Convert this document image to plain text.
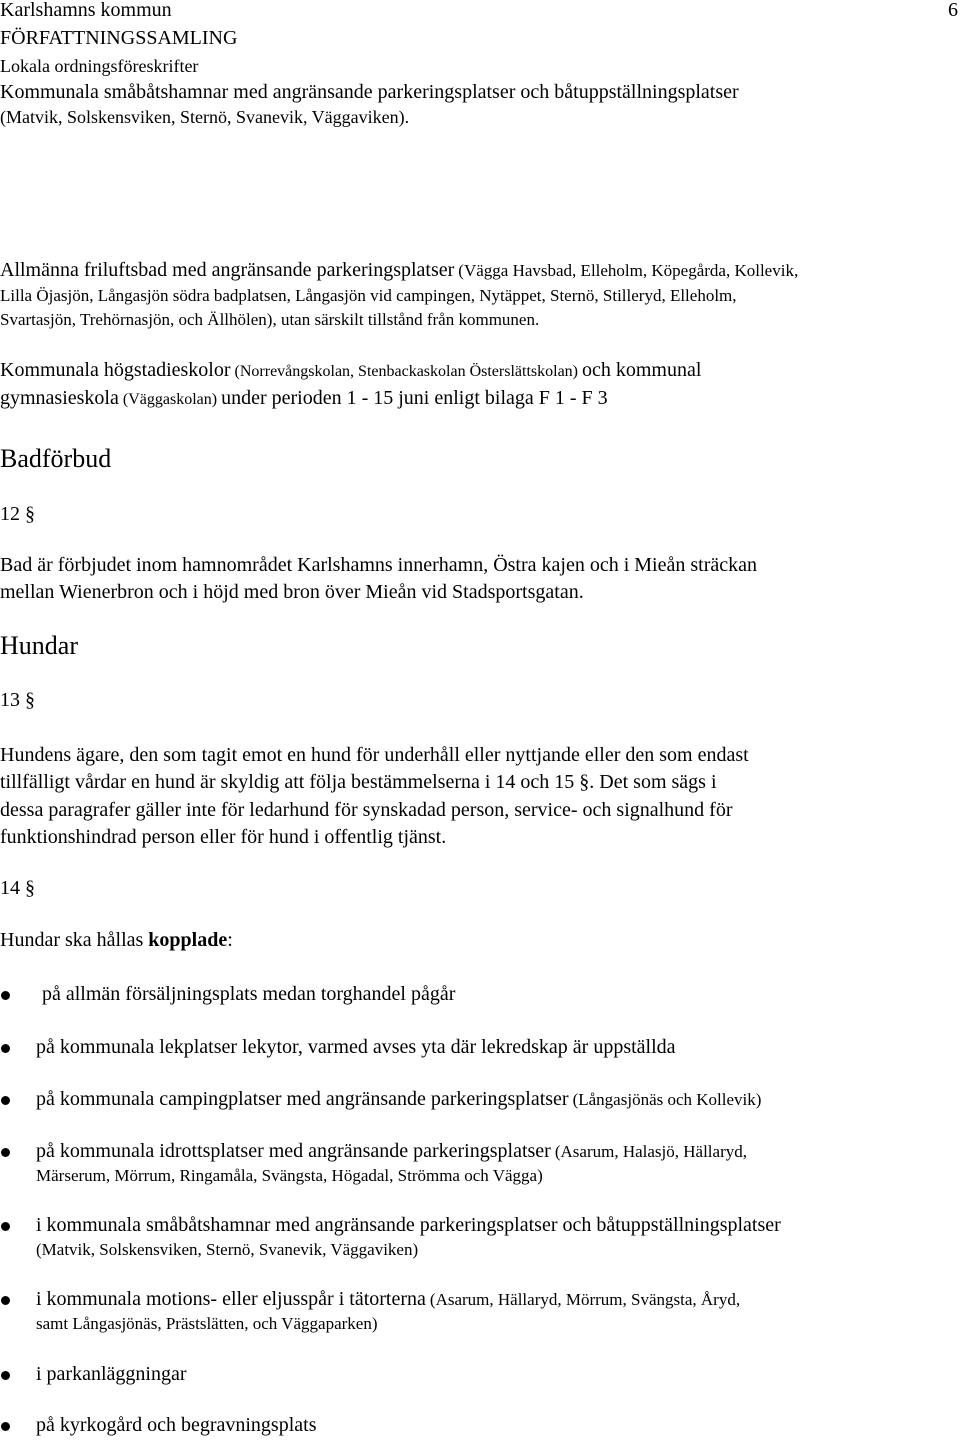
Karlshamns kommun	6
FÖRFATTNINGSSAMLING
Lokala ordningsföreskrifter
Kommunala småbåtshamnar med angränsande parkeringsplatser och båtuppställningsplatser
(Matvik, Solskensviken, Sternö, Svanevik, Väggaviken).
Allmänna friluftsbad med angränsande parkeringsplatser (Vägga Havsbad, Elleholm, Köpegårda, Kollevik,
Lilla Öjasjön, Långasjön södra badplatsen, Långasjön vid campingen, Nytäppet, Sternö, Stilleryd, Elleholm,
Svartasjön, Trehörnasjön, och Ällhölen), utan särskilt tillstånd från kommunen.
Kommunala högstadieskolor (Norrevångskolan, Stenbackaskolan Österslättskolan) och kommunal
gymnasieskola (Väggaskolan) under perioden 1 - 15 juni enligt bilaga F 1 - F 3
Badförbud
12 §
Bad är förbjudet inom hamnområdet Karlshamns innerhamn, Östra kajen och i Mieån sträckan
mellan Wienerbron och i höjd med bron över Mieån vid Stadsportsgatan.
Hundar
13 §
Hundens ägare, den som tagit emot en hund för underhåll eller nyttjande eller den som endast
tillfälligt vårdar en hund är skyldig att följa bestämmelserna i 14 och 15 §. Det som sägs i
dessa paragrafer gäller inte för ledarhund för synskadad person, service- och signalhund för
funktionshindrad person eller för hund i offentlig tjänst.
14 §
Hundar ska hållas kopplade:
på allmän försäljningsplats medan torghandel pågår
på kommunala lekplatser lekytor, varmed avses yta där lekredskap är uppställda
på kommunala campingplatser med angränsande parkeringsplatser (Långasjönäs och Kollevik)
på kommunala idrottsplatser med angränsande parkeringsplatser (Asarum, Halasjö, Hällaryd,
Märserum, Mörrum, Ringamåla, Svängsta, Högadal, Strömma och Vägga)
i kommunala småbåtshamnar med angränsande parkeringsplatser och båtuppställningsplatser
(Matvik, Solskensviken, Sternö, Svanevik, Väggaviken)
i kommunala motions- eller eljusspår i tätorterna (Asarum, Hällaryd, Mörrum, Svängsta, Åryd,
samt Långasjönäs, Prästslätten, och Väggaparken)
i parkanläggningar
på kyrkogård och begravningsplats
